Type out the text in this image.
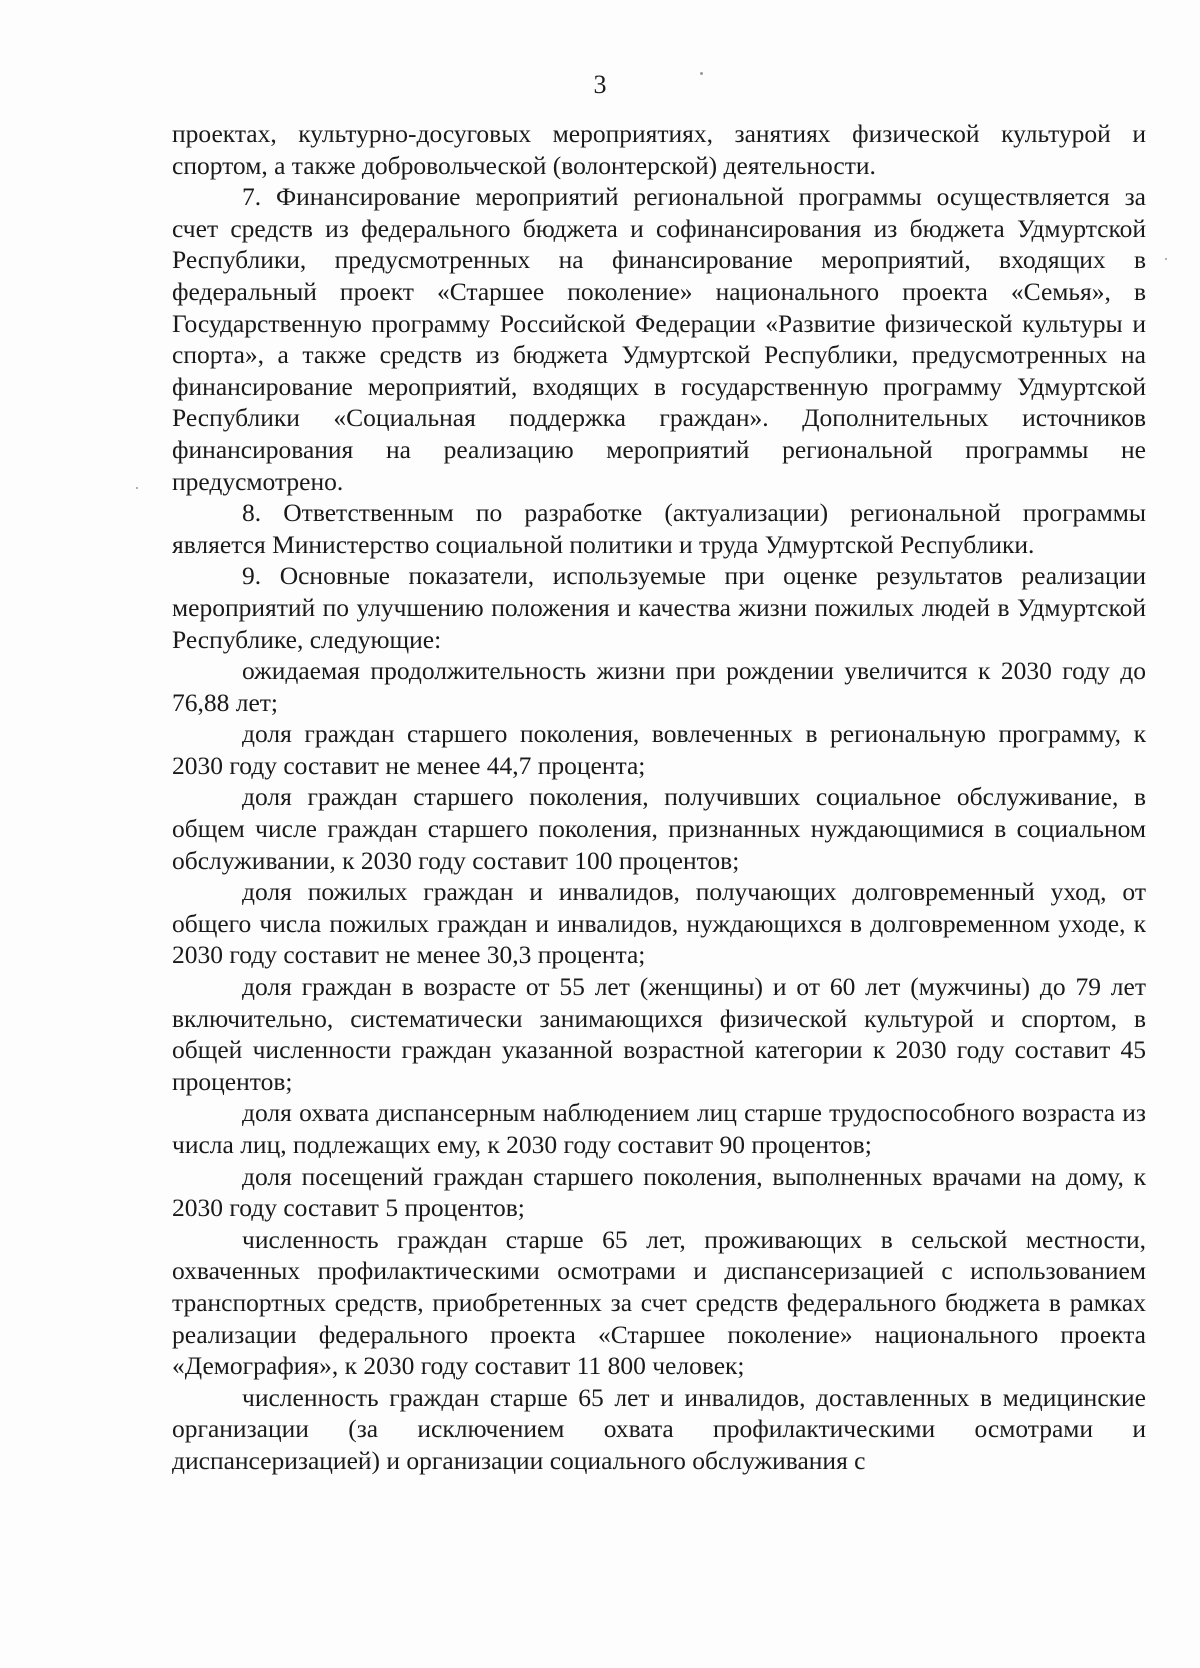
3

проектах, культурно-досуговых мероприятиях, занятиях физической культурой и спортом, а также добровольческой (волонтерской) деятельности.

7. Финансирование мероприятий региональной программы осуществляется за счет средств из федерального бюджета и софинансирования из бюджета Удмуртской Республики, предусмотренных на финансирование мероприятий, входящих в федеральный проект «Старшее поколение» национального проекта «Семья», в Государственную программу Российской Федерации «Развитие физической культуры и спорта», а также средств из бюджета Удмуртской Республики, предусмотренных на финансирование мероприятий, входящих в государственную программу Удмуртской Республики «Социальная поддержка граждан». Дополнительных источников финансирования на реализацию мероприятий региональной программы не предусмотрено.

8. Ответственным по разработке (актуализации) региональной программы является Министерство социальной политики и труда Удмуртской Республики.

9. Основные показатели, используемые при оценке результатов реализации мероприятий по улучшению положения и качества жизни пожилых людей в Удмуртской Республике, следующие:

ожидаемая продолжительность жизни при рождении увеличится к 2030 году до 76,88 лет;

доля граждан старшего поколения, вовлеченных в региональную программу, к 2030 году составит не менее 44,7 процента;

доля граждан старшего поколения, получивших социальное обслуживание, в общем числе граждан старшего поколения, признанных нуждающимися в социальном обслуживании, к 2030 году составит 100 процентов;

доля пожилых граждан и инвалидов, получающих долговременный уход, от общего числа пожилых граждан и инвалидов, нуждающихся в долговременном уходе, к 2030 году составит не менее 30,3 процента;

доля граждан в возрасте от 55 лет (женщины) и от 60 лет (мужчины) до 79 лет включительно, систематически занимающихся физической культурой и спортом, в общей численности граждан указанной возрастной категории к 2030 году составит 45 процентов;

доля охвата диспансерным наблюдением лиц старше трудоспособного возраста из числа лиц, подлежащих ему, к 2030 году составит 90 процентов;

доля посещений граждан старшего поколения, выполненных врачами на дому, к 2030 году составит 5 процентов;

численность граждан старше 65 лет, проживающих в сельской местности, охваченных профилактическими осмотрами и диспансеризацией с использованием транспортных средств, приобретенных за счет средств федерального бюджета в рамках реализации федерального проекта «Старшее поколение» национального проекта «Демография», к 2030 году составит 11 800 человек;

численность граждан старше 65 лет и инвалидов, доставленных в медицинские организации (за исключением охвата профилактическими осмотрами и диспансеризацией) и организации социального обслуживания с
